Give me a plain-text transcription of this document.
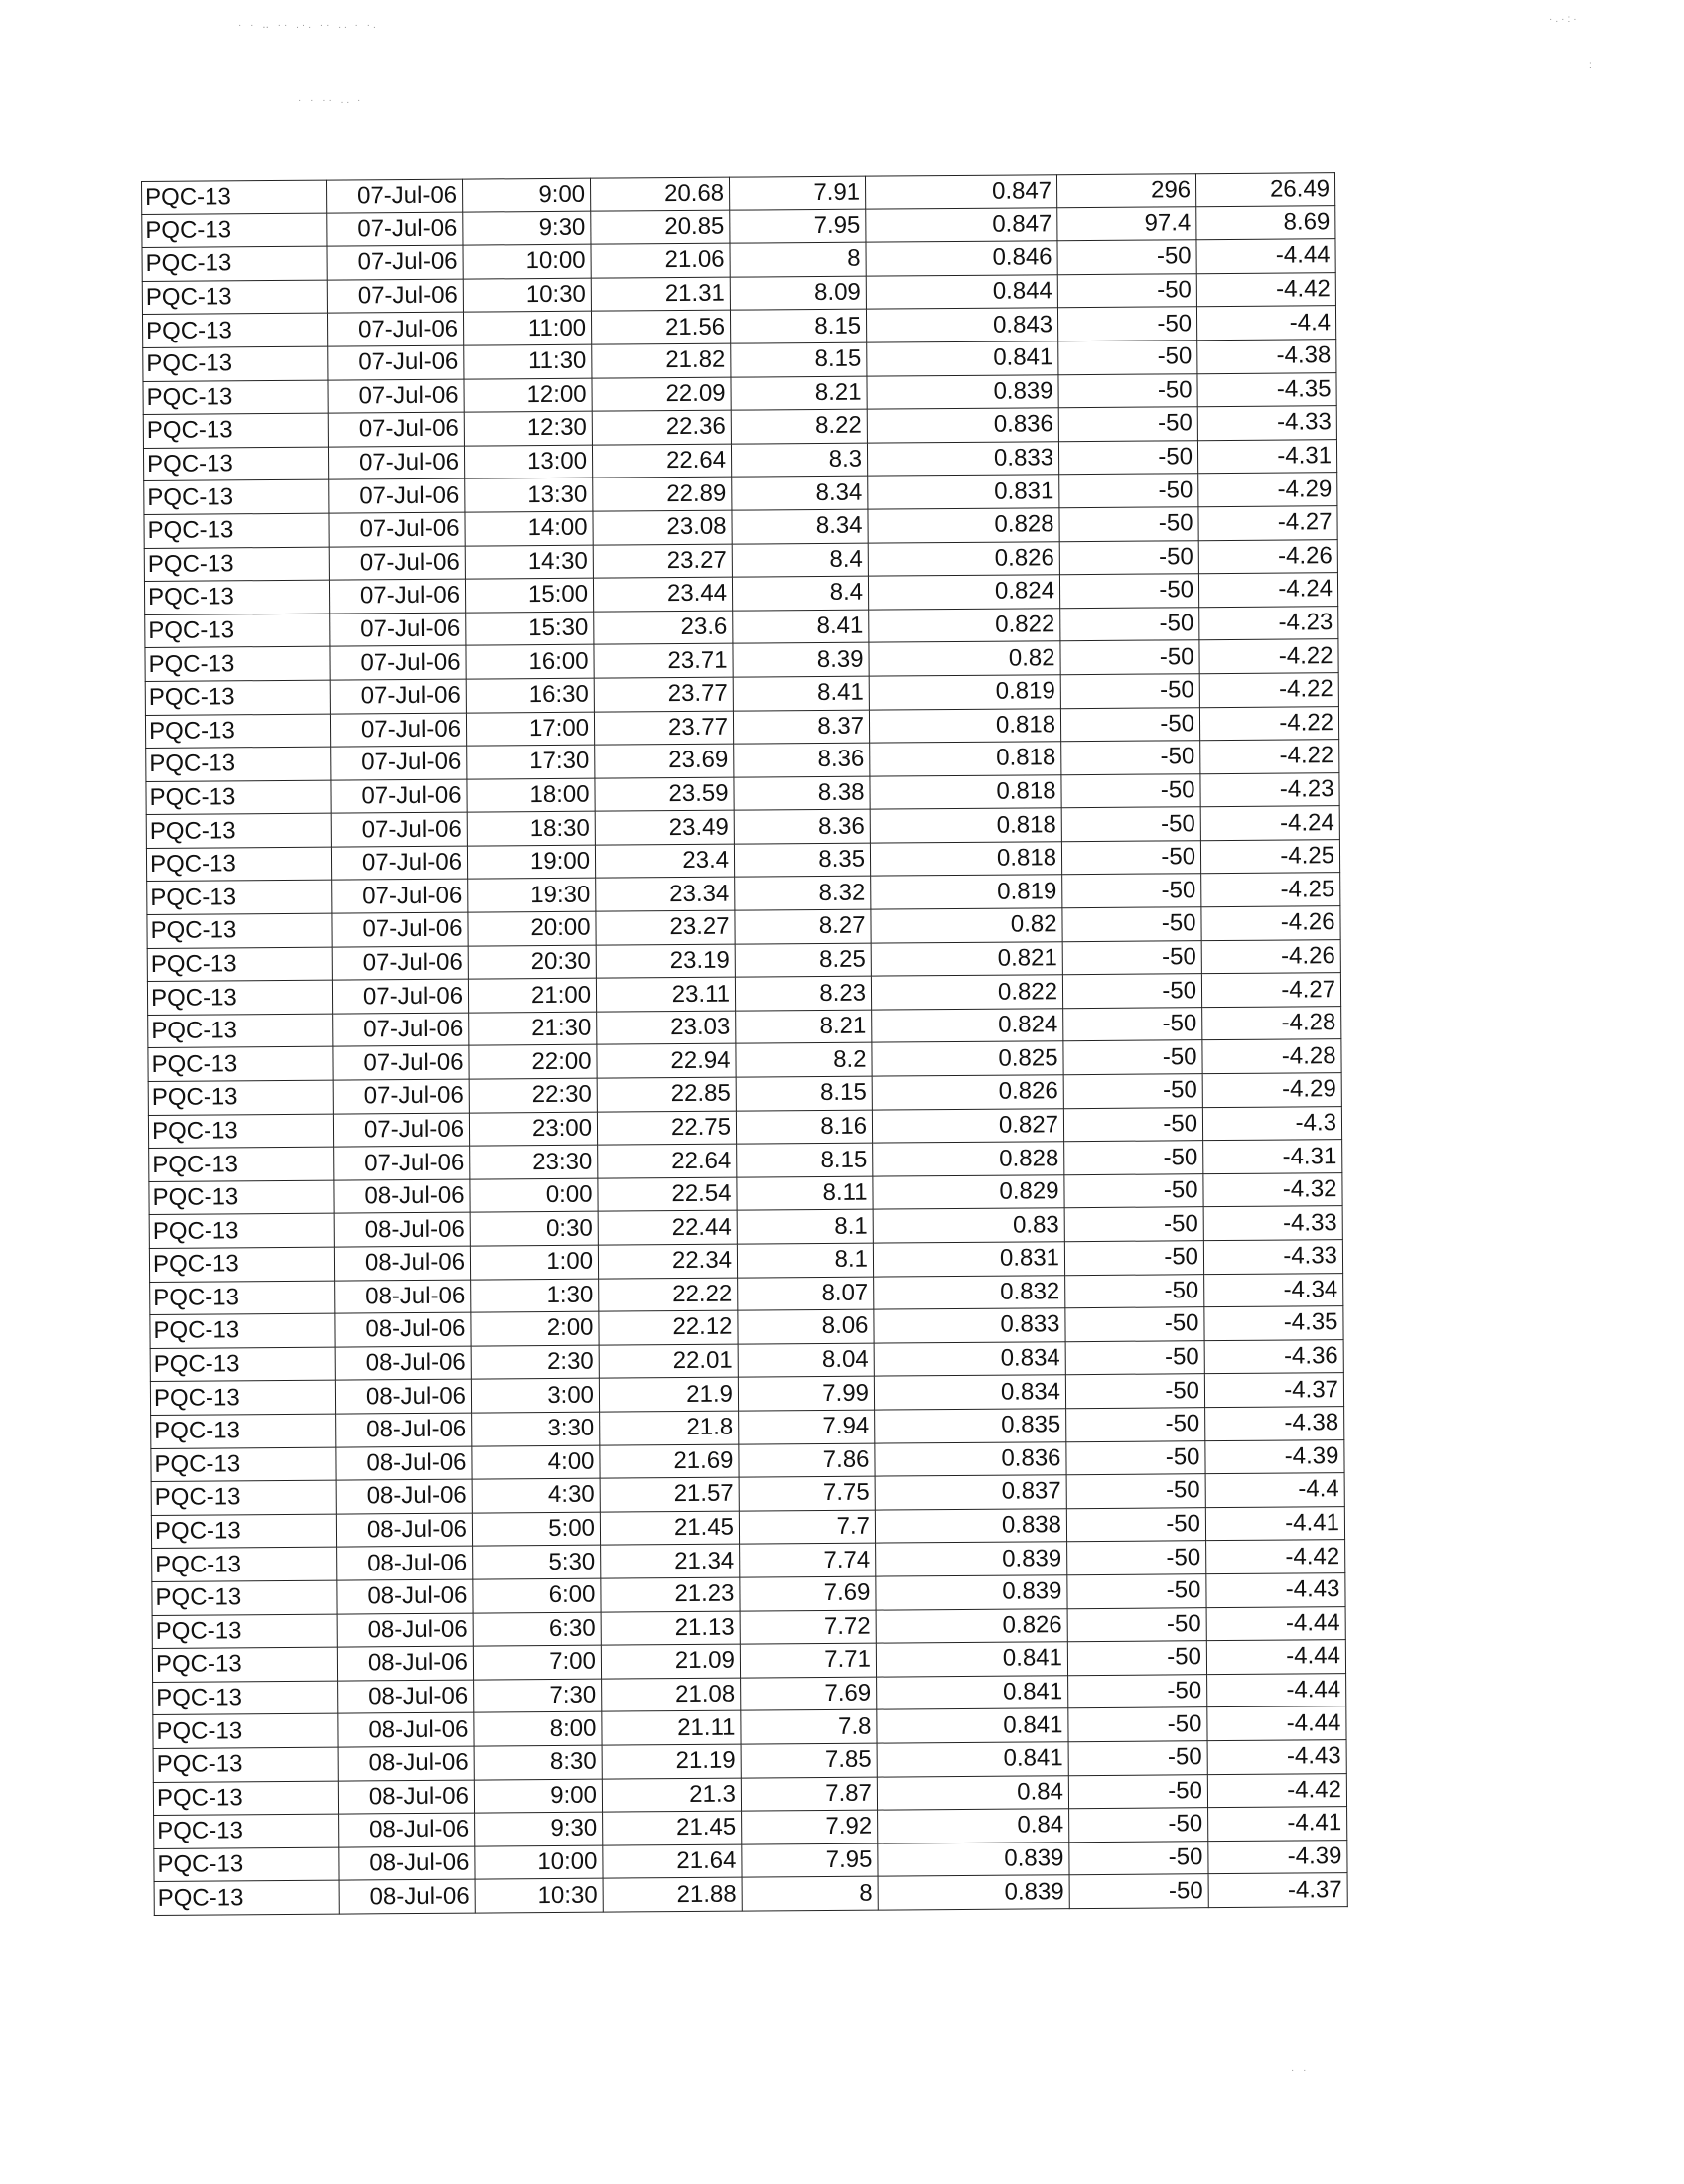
· · ‥ ·· .·. ·· .. · ·.
· · ·· .. ·
·.·:·
:
· ·
PQC-13	07-Jul-06	9:00	20.68	7.91	0.847	296	26.49
PQC-13	07-Jul-06	9:30	20.85	7.95	0.847	97.4	8.69
PQC-13	07-Jul-06	10:00	21.06	8	0.846	-50	-4.44
PQC-13	07-Jul-06	10:30	21.31	8.09	0.844	-50	-4.42
PQC-13	07-Jul-06	11:00	21.56	8.15	0.843	-50	-4.4
PQC-13	07-Jul-06	11:30	21.82	8.15	0.841	-50	-4.38
PQC-13	07-Jul-06	12:00	22.09	8.21	0.839	-50	-4.35
PQC-13	07-Jul-06	12:30	22.36	8.22	0.836	-50	-4.33
PQC-13	07-Jul-06	13:00	22.64	8.3	0.833	-50	-4.31
PQC-13	07-Jul-06	13:30	22.89	8.34	0.831	-50	-4.29
PQC-13	07-Jul-06	14:00	23.08	8.34	0.828	-50	-4.27
PQC-13	07-Jul-06	14:30	23.27	8.4	0.826	-50	-4.26
PQC-13	07-Jul-06	15:00	23.44	8.4	0.824	-50	-4.24
PQC-13	07-Jul-06	15:30	23.6	8.41	0.822	-50	-4.23
PQC-13	07-Jul-06	16:00	23.71	8.39	0.82	-50	-4.22
PQC-13	07-Jul-06	16:30	23.77	8.41	0.819	-50	-4.22
PQC-13	07-Jul-06	17:00	23.77	8.37	0.818	-50	-4.22
PQC-13	07-Jul-06	17:30	23.69	8.36	0.818	-50	-4.22
PQC-13	07-Jul-06	18:00	23.59	8.38	0.818	-50	-4.23
PQC-13	07-Jul-06	18:30	23.49	8.36	0.818	-50	-4.24
PQC-13	07-Jul-06	19:00	23.4	8.35	0.818	-50	-4.25
PQC-13	07-Jul-06	19:30	23.34	8.32	0.819	-50	-4.25
PQC-13	07-Jul-06	20:00	23.27	8.27	0.82	-50	-4.26
PQC-13	07-Jul-06	20:30	23.19	8.25	0.821	-50	-4.26
PQC-13	07-Jul-06	21:00	23.11	8.23	0.822	-50	-4.27
PQC-13	07-Jul-06	21:30	23.03	8.21	0.824	-50	-4.28
PQC-13	07-Jul-06	22:00	22.94	8.2	0.825	-50	-4.28
PQC-13	07-Jul-06	22:30	22.85	8.15	0.826	-50	-4.29
PQC-13	07-Jul-06	23:00	22.75	8.16	0.827	-50	-4.3
PQC-13	07-Jul-06	23:30	22.64	8.15	0.828	-50	-4.31
PQC-13	08-Jul-06	0:00	22.54	8.11	0.829	-50	-4.32
PQC-13	08-Jul-06	0:30	22.44	8.1	0.83	-50	-4.33
PQC-13	08-Jul-06	1:00	22.34	8.1	0.831	-50	-4.33
PQC-13	08-Jul-06	1:30	22.22	8.07	0.832	-50	-4.34
PQC-13	08-Jul-06	2:00	22.12	8.06	0.833	-50	-4.35
PQC-13	08-Jul-06	2:30	22.01	8.04	0.834	-50	-4.36
PQC-13	08-Jul-06	3:00	21.9	7.99	0.834	-50	-4.37
PQC-13	08-Jul-06	3:30	21.8	7.94	0.835	-50	-4.38
PQC-13	08-Jul-06	4:00	21.69	7.86	0.836	-50	-4.39
PQC-13	08-Jul-06	4:30	21.57	7.75	0.837	-50	-4.4
PQC-13	08-Jul-06	5:00	21.45	7.7	0.838	-50	-4.41
PQC-13	08-Jul-06	5:30	21.34	7.74	0.839	-50	-4.42
PQC-13	08-Jul-06	6:00	21.23	7.69	0.839	-50	-4.43
PQC-13	08-Jul-06	6:30	21.13	7.72	0.826	-50	-4.44
PQC-13	08-Jul-06	7:00	21.09	7.71	0.841	-50	-4.44
PQC-13	08-Jul-06	7:30	21.08	7.69	0.841	-50	-4.44
PQC-13	08-Jul-06	8:00	21.11	7.8	0.841	-50	-4.44
PQC-13	08-Jul-06	8:30	21.19	7.85	0.841	-50	-4.43
PQC-13	08-Jul-06	9:00	21.3	7.87	0.84	-50	-4.42
PQC-13	08-Jul-06	9:30	21.45	7.92	0.84	-50	-4.41
PQC-13	08-Jul-06	10:00	21.64	7.95	0.839	-50	-4.39
PQC-13	08-Jul-06	10:30	21.88	8	0.839	-50	-4.37
